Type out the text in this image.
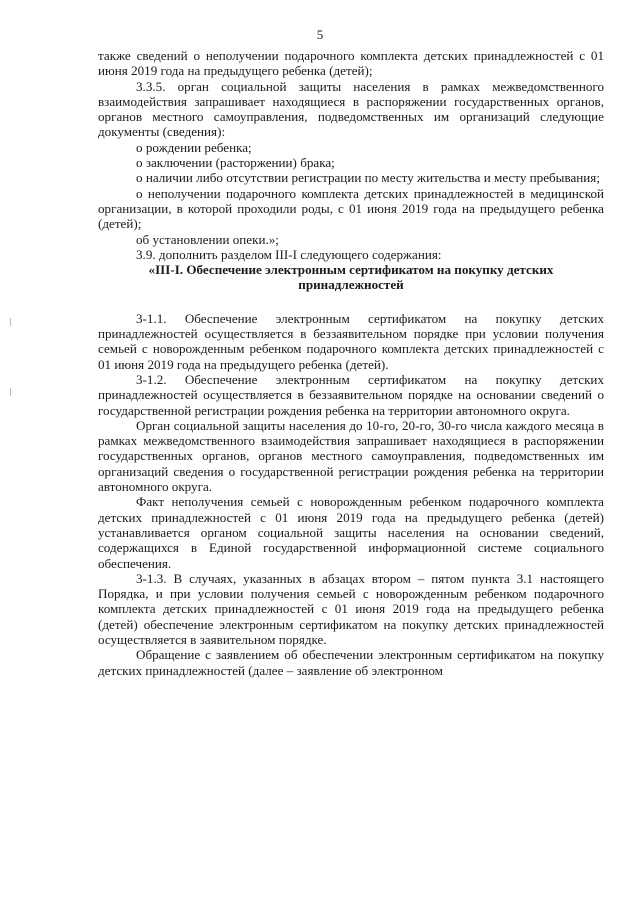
5

также сведений о неполучении подарочного комплекта детских принадлежностей с 01 июня 2019 года на предыдущего ребенка (детей);

3.3.5. орган социальной защиты населения в рамках межведомственного взаимодействия запрашивает находящиеся в распоряжении государственных органов, органов местного самоуправления, подведомственных им организаций следующие документы (сведения):

о рождении ребенка;

о заключении (расторжении) брака;

о наличии либо отсутствии регистрации по месту жительства и месту пребывания;

о неполучении подарочного комплекта детских принадлежностей в медицинской организации, в которой проходили роды, с 01 июня 2019 года на предыдущего ребенка (детей);

об установлении опеки.»;

3.9. дополнить разделом III-I следующего содержания:

«III-I. Обеспечение электронным сертификатом на покупку детских принадлежностей

3-1.1. Обеспечение электронным сертификатом на покупку детских принадлежностей осуществляется в беззаявительном порядке при условии получения семьей с новорожденным ребенком подарочного комплекта детских принадлежностей с 01 июня 2019 года на предыдущего ребенка (детей).

3-1.2. Обеспечение электронным сертификатом на покупку детских принадлежностей осуществляется в беззаявительном порядке на основании сведений о государственной регистрации рождения ребенка на территории автономного округа.

Орган социальной защиты населения до 10-го, 20-го, 30-го числа каждого месяца в рамках межведомственного взаимодействия запрашивает находящиеся в распоряжении государственных органов, органов местного самоуправления, подведомственных им организаций сведения о государственной регистрации рождения ребенка на территории автономного округа.

Факт неполучения семьей с новорожденным ребенком подарочного комплекта детских принадлежностей с 01 июня 2019 года на предыдущего ребенка (детей) устанавливается органом социальной защиты населения на основании сведений, содержащихся в Единой государственной информационной системе социального обеспечения.

3-1.3. В случаях, указанных в абзацах втором – пятом пункта 3.1 настоящего Порядка, и при условии получения семьей с новорожденным ребенком подарочного комплекта детских принадлежностей с 01 июня 2019 года на предыдущего ребенка (детей) обеспечение электронным сертификатом на покупку детских принадлежностей осуществляется в заявительном порядке.

Обращение с заявлением об обеспечении электронным сертификатом на покупку детских принадлежностей (далее – заявление об электронном
